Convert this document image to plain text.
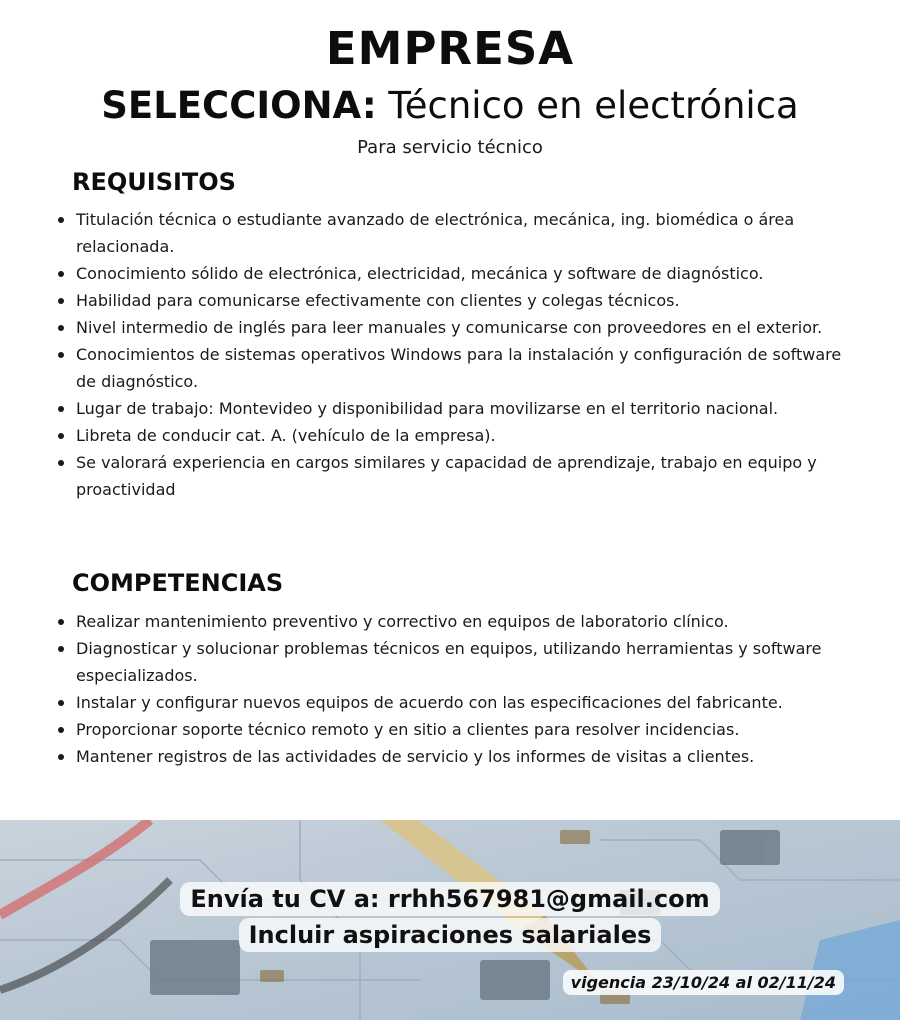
EMPRESA
SELECCIONA: Técnico en electrónica
Para servicio técnico
REQUISITOS
Titulación técnica o estudiante avanzado de electrónica, mecánica, ing. biomédica o área relacionada.
Conocimiento sólido de electrónica, electricidad, mecánica y software de diagnóstico.
Habilidad para comunicarse efectivamente con clientes y colegas técnicos.
Nivel intermedio de inglés para leer manuales y comunicarse con proveedores en el exterior.
Conocimientos de sistemas operativos Windows para la instalación y configuración de software de diagnóstico.
Lugar de trabajo: Montevideo y disponibilidad para movilizarse en el territorio nacional.
Libreta de conducir cat. A. (vehículo de la empresa).
Se valorará experiencia en cargos similares y capacidad de aprendizaje, trabajo en equipo y proactividad
COMPETENCIAS
Realizar mantenimiento preventivo y correctivo en equipos de laboratorio clínico.
Diagnosticar y solucionar problemas técnicos en equipos, utilizando herramientas y software especializados.
Instalar y configurar nuevos equipos de acuerdo con las especificaciones del fabricante.
Proporcionar soporte técnico remoto y en sitio a clientes para resolver incidencias.
Mantener registros de las actividades de servicio y los informes de visitas a clientes.
Envía tu CV a: rrhh567981@gmail.com
Incluir aspiraciones salariales
vigencia 23/10/24 al 02/11/24
